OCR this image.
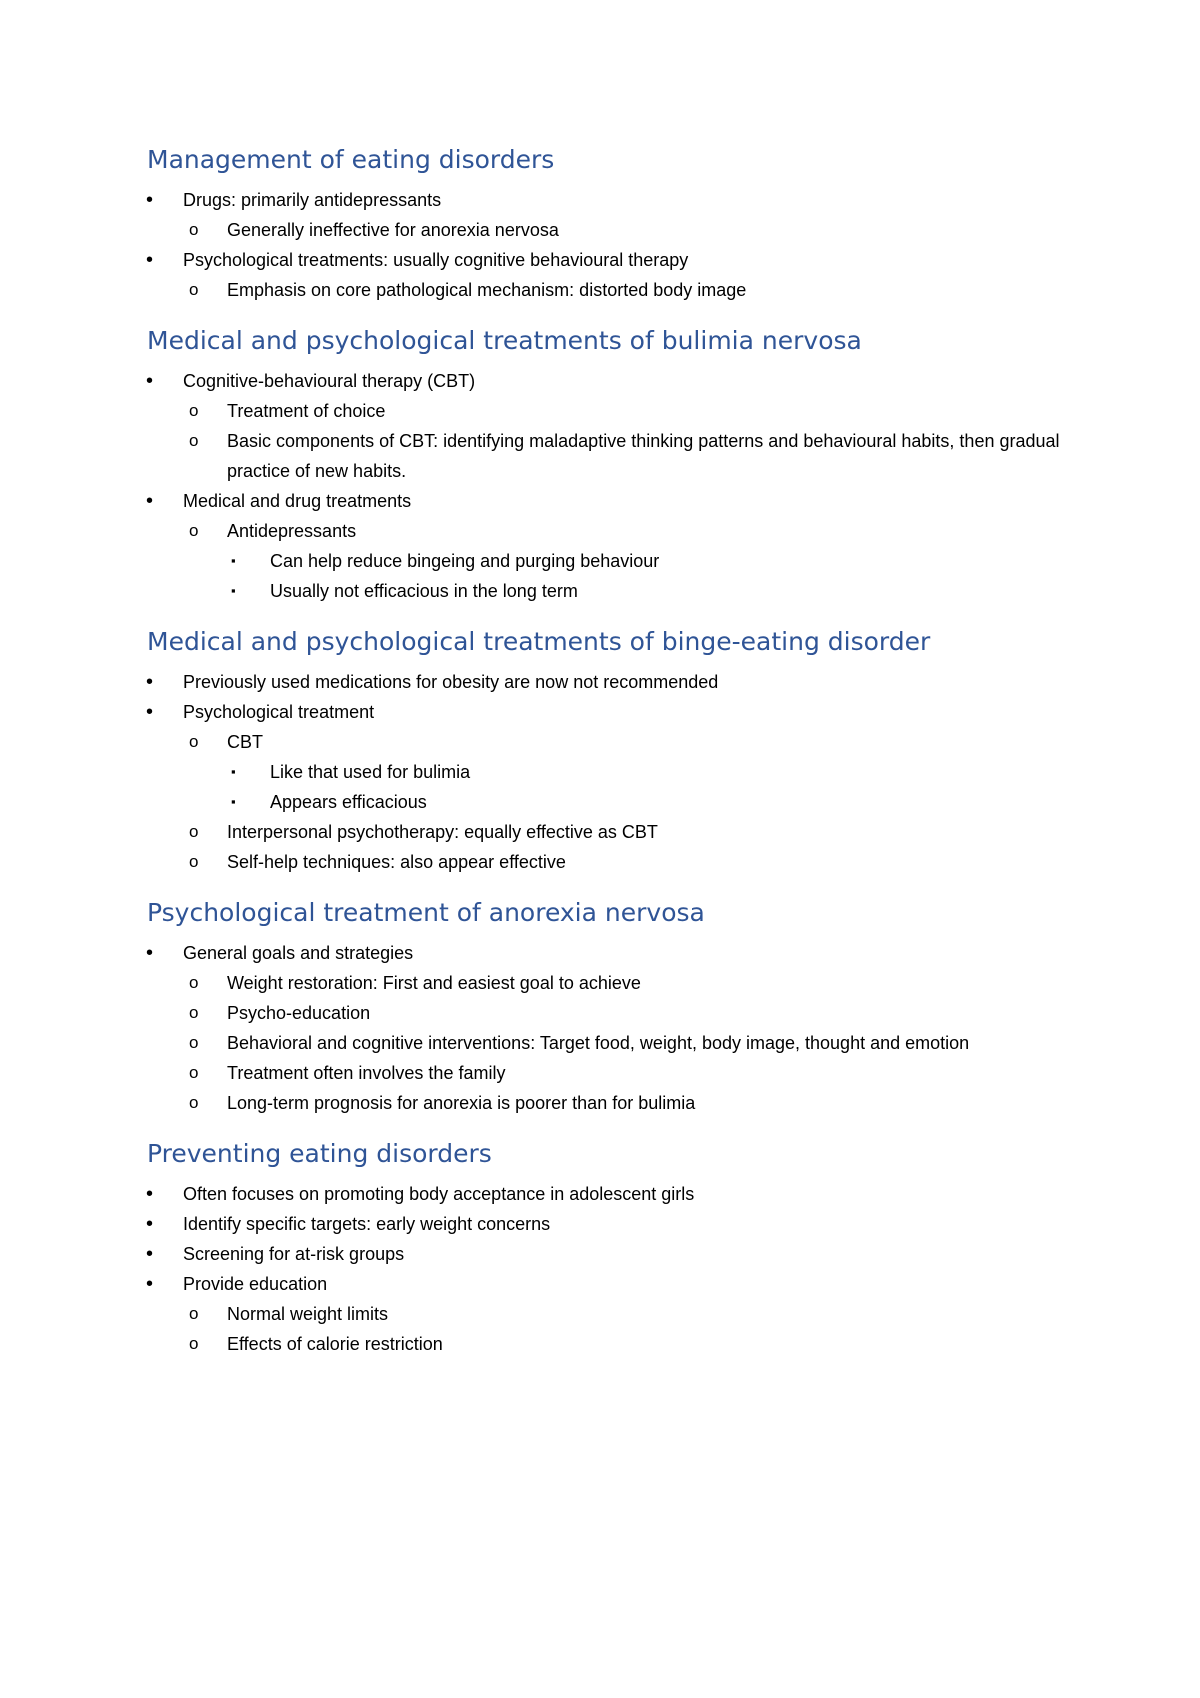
Management of eating disorders
• Drugs: primarily antidepressants
o Generally ineffective for anorexia nervosa
• Psychological treatments: usually cognitive behavioural therapy
o Emphasis on core pathological mechanism: distorted body image
Medical and psychological treatments of bulimia nervosa
• Cognitive-behavioural therapy (CBT)
o Treatment of choice
o Basic components of CBT: identifying maladaptive thinking patterns and behavioural habits, then gradual practice of new habits.
• Medical and drug treatments
o Antidepressants
▪ Can help reduce bingeing and purging behaviour
▪ Usually not efficacious in the long term
Medical and psychological treatments of binge-eating disorder
• Previously used medications for obesity are now not recommended
• Psychological treatment
o CBT
▪ Like that used for bulimia
▪ Appears efficacious
o Interpersonal psychotherapy: equally effective as CBT
o Self-help techniques: also appear effective
Psychological treatment of anorexia nervosa
• General goals and strategies
o Weight restoration: First and easiest goal to achieve
o Psycho-education
o Behavioral and cognitive interventions: Target food, weight, body image, thought and emotion
o Treatment often involves the family
o Long-term prognosis for anorexia is poorer than for bulimia
Preventing eating disorders
• Often focuses on promoting body acceptance in adolescent girls
• Identify specific targets: early weight concerns
• Screening for at-risk groups
• Provide education
o Normal weight limits
o Effects of calorie restriction
